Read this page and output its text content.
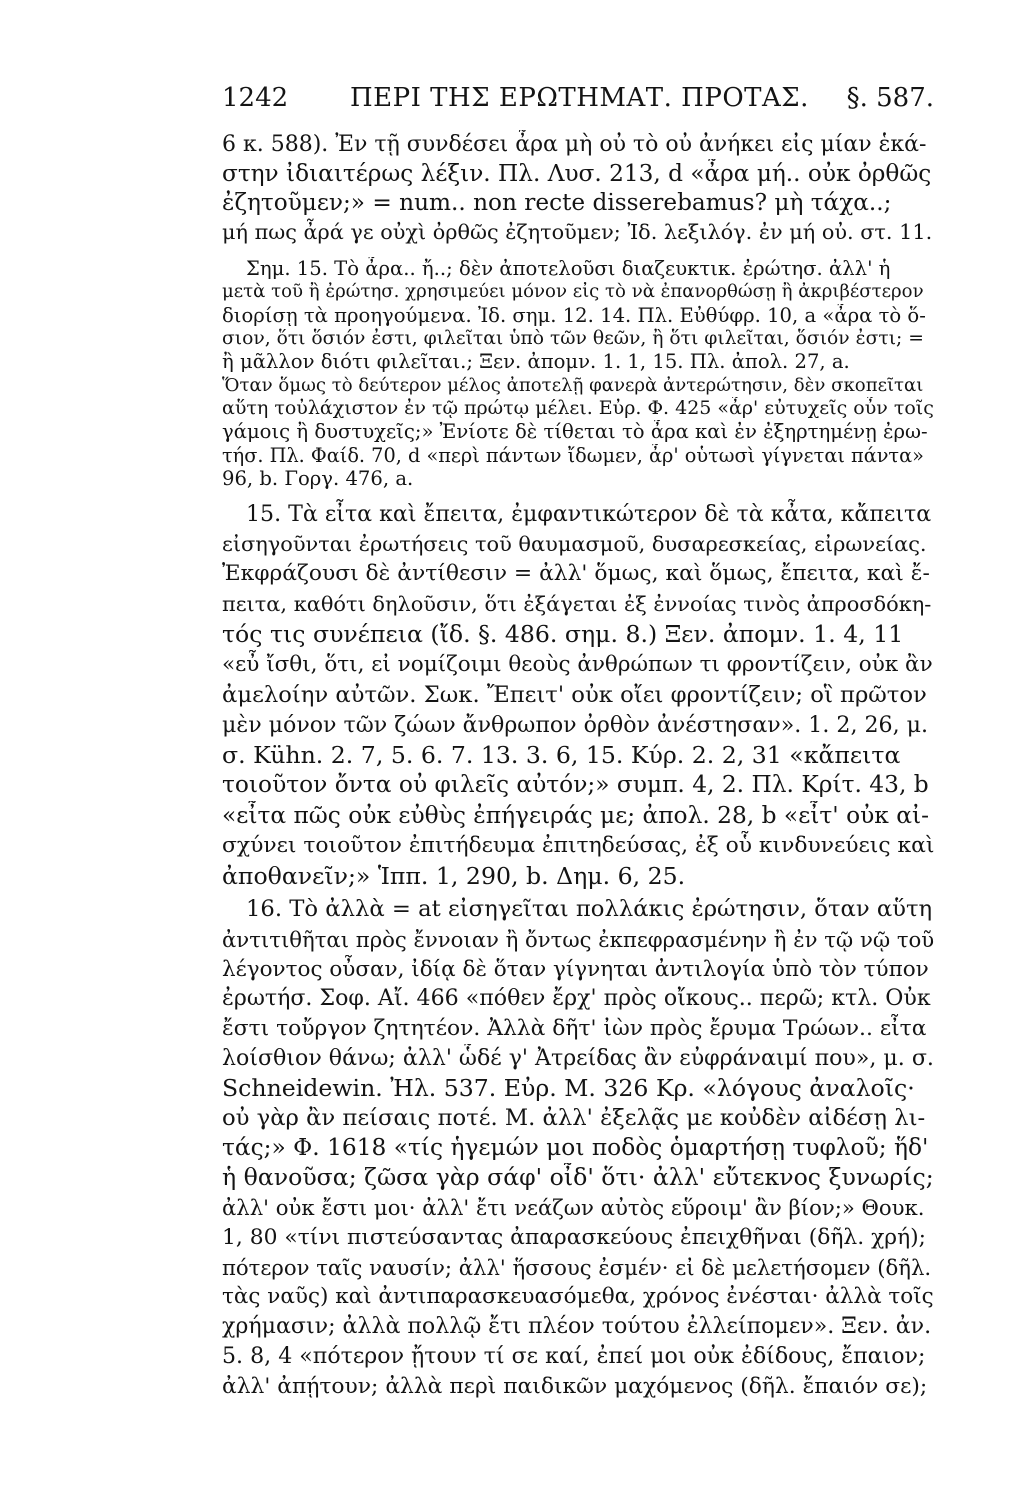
1242 ΠΕΡΙ ΤΗΣ ΕΡΩΤΗΜΑΤ. ΠΡΟΤΑΣ. §. 587.
6 κ. 588). Ἐν τῇ συνδέσει ἆρα μὴ οὐ τὸ οὐ ἀνήκει εἰς μίαν ἑκά-
στην ἰδιαιτέρως λέξιν. Πλ. Λυσ. 213, d «ἆρα μή.. οὐκ ὀρθῶς
ἐζητοῦμεν;» = num.. non recte disserebamus? μὴ τάχα..;
μή πως ἆρά γε οὐχὶ ὀρθῶς ἐζητοῦμεν; Ἰδ. λεξιλόγ. ἐν μή οὐ. στ. 11.
Σημ. 15. Τὸ ἆρα.. ἤ..; δὲν ἀποτελοῦσι διαζευκτικ. ἐρώτησ. ἀλλ' ἡ
μετὰ τοῦ ἢ ἐρώτησ. χρησιμεύει μόνον εἰς τὸ νὰ ἐπανορθώσῃ ἢ ἀκριβέστερον
διορίσῃ τὰ προηγούμενα. Ἰδ. σημ. 12. 14. Πλ. Εὐθύφρ. 10, a «ἆρα τὸ ὅ-
σιον, ὅτι ὅσιόν ἐστι, φιλεῖται ὑπὸ τῶν θεῶν, ἢ ὅτι φιλεῖται, ὅσιόν ἐστι; =
ἢ μᾶλλον διότι φιλεῖται.; Ξεν. ἀπομν. 1. 1, 15. Πλ. ἀπολ. 27, a.
Ὅταν ὅμως τὸ δεύτερον μέλος ἀποτελῇ φανερὰ ἀντερώτησιν, δὲν σκοπεῖται
αὕτη τοὐλάχιστον ἐν τῷ πρώτῳ μέλει. Εὐρ. Φ. 425 «ἆρ' εὐτυχεῖς οὖν τοῖς
γάμοις ἢ δυστυχεῖς;» Ἐνίοτε δὲ τίθεται τὸ ἆρα καὶ ἐν ἐξηρτημένῃ ἐρω-
τήσ. Πλ. Φαίδ. 70, d «περὶ πάντων ἴδωμεν, ἆρ' οὑτωσὶ γίγνεται πάντα»
96, b. Γοργ. 476, a.
15. Τὰ εἶτα καὶ ἔπειτα, ἐμφαντικώτερον δὲ τὰ κἆτα, κἄπειτα
εἰσηγοῦνται ἐρωτήσεις τοῦ θαυμασμοῦ, δυσαρεσκείας, εἰρωνείας.
Ἐκφράζουσι δὲ ἀντίθεσιν = ἀλλ' ὅμως, καὶ ὅμως, ἔπειτα, καὶ ἔ-
πειτα, καθότι δηλοῦσιν, ὅτι ἐξάγεται ἐξ ἐννοίας τινὸς ἀπροσδόκη-
τός τις συνέπεια (ἴδ. §. 486. σημ. 8.) Ξεν. ἀπομν. 1. 4, 11
«εὖ ἴσθι, ὅτι, εἰ νομίζοιμι θεοὺς ἀνθρώπων τι φροντίζειν, οὐκ ἂν
ἀμελοίην αὐτῶν. Σωκ. Ἔπειτ' οὐκ οἴει φροντίζειν; οἳ πρῶτον
μὲν μόνον τῶν ζώων ἄνθρωπον ὀρθὸν ἀνέστησαν». 1. 2, 26, μ.
σ. Kühn. 2. 7, 5. 6. 7. 13. 3. 6, 15. Κύρ. 2. 2, 31 «κἄπειτα
τοιοῦτον ὄντα οὐ φιλεῖς αὐτόν;» συμπ. 4, 2. Πλ. Κρίτ. 43, b
«εἶτα πῶς οὐκ εὐθὺς ἐπήγειράς με; ἀπολ. 28, b «εἶτ' οὐκ αἰ-
σχύνει τοιοῦτον ἐπιτήδευμα ἐπιτηδεύσας, ἐξ οὗ κινδυνεύεις καὶ
ἀποθανεῖν;» Ἱππ. 1, 290, b. Δημ. 6, 25.
16. Τὸ ἀλλὰ = at εἰσηγεῖται πολλάκις ἐρώτησιν, ὅταν αὕτη
ἀντιτιθῆται πρὸς ἔννοιαν ἢ ὄντως ἐκπεφρασμένην ἢ ἐν τῷ νῷ τοῦ
λέγοντος οὖσαν, ἰδίᾳ δὲ ὅταν γίγνηται ἀντιλογία ὑπὸ τὸν τύπον
ἐρωτήσ. Σοφ. Αἴ. 466 «πόθεν ἔρχ' πρὸς οἴκους.. περῶ; κτλ. Οὐκ
ἔστι τοὔργον ζητητέον. Ἀλλὰ δῆτ' ἰὼν πρὸς ἔρυμα Τρώων.. εἶτα
λοίσθιον θάνω; ἀλλ' ὧδέ γ' Ἀτρείδας ἂν εὐφράναιμί που», μ. σ.
Schneidewin. Ἠλ. 537. Εὐρ. Μ. 326 Κρ. «λόγους ἀναλοῖς·
οὐ γὰρ ἂν πείσαις ποτέ. Μ. ἀλλ' ἐξελᾷς με κοὐδὲν αἰδέσῃ λι-
τάς;» Φ. 1618 «τίς ἡγεμών μοι ποδὸς ὁμαρτήσῃ τυφλοῦ; ἥδ'
ἡ θανοῦσα; ζῶσα γὰρ σάφ' οἶδ' ὅτι· ἀλλ' εὔτεκνος ξυνωρίς;
ἀλλ' οὐκ ἔστι μοι· ἀλλ' ἔτι νεάζων αὐτὸς εὕροιμ' ἂν βίον;» Θουκ.
1, 80 «τίνι πιστεύσαντας ἀπαρασκεύους ἐπειχθῆναι (δῆλ. χρή);
πότερον ταῖς ναυσίν; ἀλλ' ἥσσους ἐσμέν· εἰ δὲ μελετήσομεν (δῆλ.
τὰς ναῦς) καὶ ἀντιπαρασκευασόμεθα, χρόνος ἐνέσται· ἀλλὰ τοῖς
χρήμασιν; ἀλλὰ πολλῷ ἔτι πλέον τούτου ἐλλείπομεν». Ξεν. ἀν.
5. 8, 4 «πότερον ᾔτουν τί σε καί, ἐπεί μοι οὐκ ἐδίδους, ἔπαιον;
ἀλλ' ἀπῄτουν; ἀλλὰ περὶ παιδικῶν μαχόμενος (δῆλ. ἔπαιόν σε);
